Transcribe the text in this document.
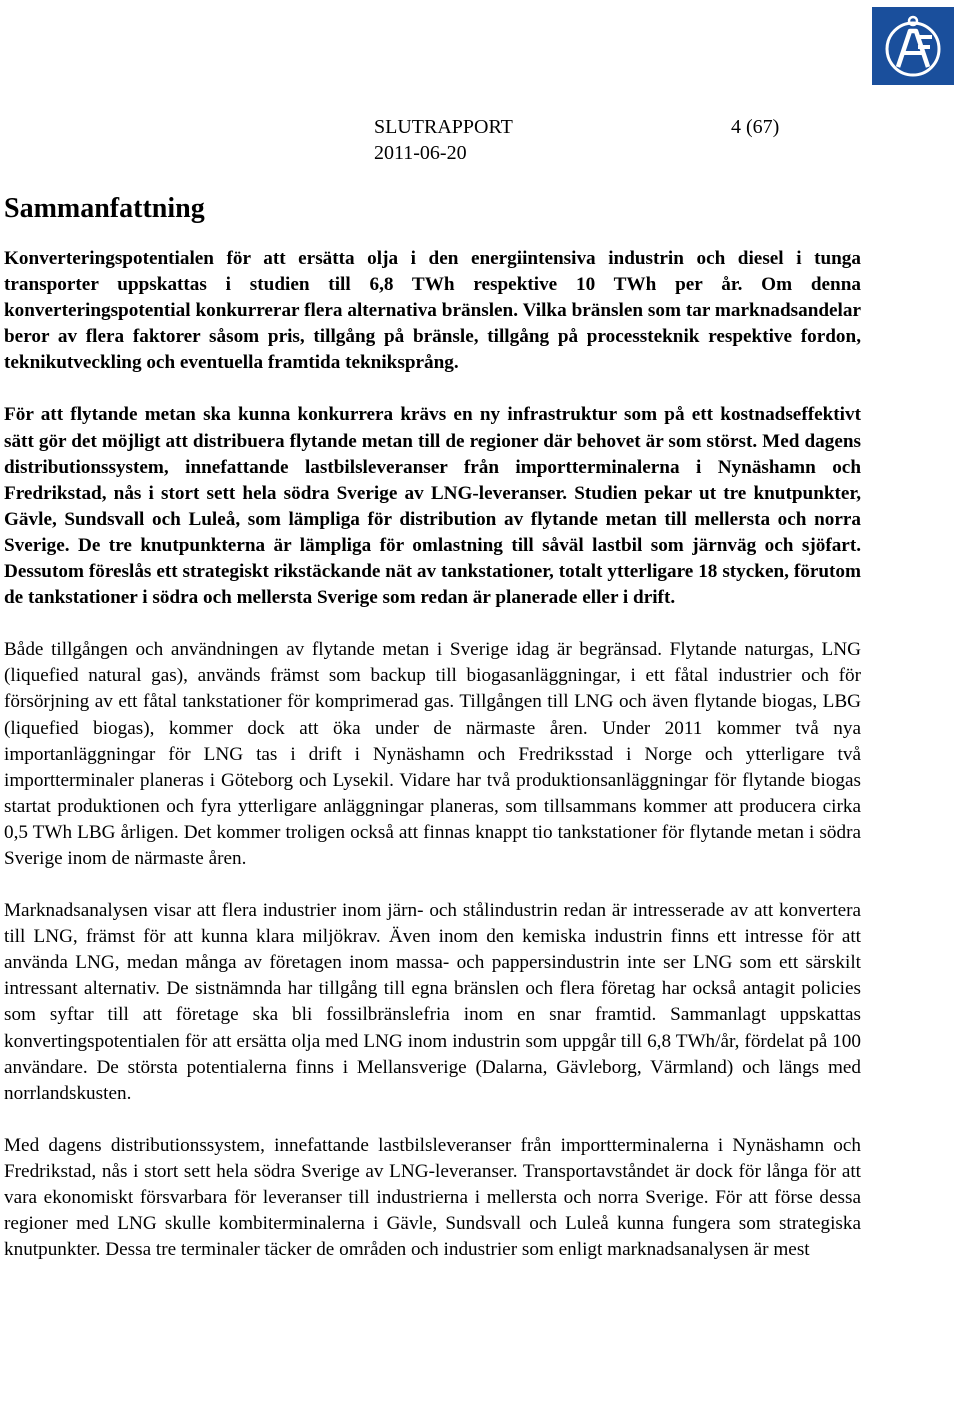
SLUTRAPPORT	4 (67)
2011-06-20
Sammanfattning

Konverteringspotentialen för att ersätta olja i den energiintensiva industrin och diesel i tunga transporter uppskattas i studien till 6,8 TWh respektive 10 TWh per år. Om denna konverteringspotential konkurrerar flera alternativa bränslen. Vilka bränslen som tar marknadsandelar beror av flera faktorer såsom pris, tillgång på bränsle, tillgång på processteknik respektive fordon, teknikutveckling och eventuella framtida tekniksprång.

För att flytande metan ska kunna konkurrera krävs en ny infrastruktur som på ett kostnadseffektivt sätt gör det möjligt att distribuera flytande metan till de regioner där behovet är som störst. Med dagens distributionssystem, innefattande lastbilsleveranser från importterminalerna i Nynäshamn och Fredrikstad, nås i stort sett hela södra Sverige av LNG-leveranser. Studien pekar ut tre knutpunkter, Gävle, Sundsvall och Luleå, som lämpliga för distribution av flytande metan till mellersta och norra Sverige. De tre knutpunkterna är lämpliga för omlastning till såväl lastbil som järnväg och sjöfart. Dessutom föreslås ett strategiskt rikstäckande nät av tankstationer, totalt ytterligare 18 stycken, förutom de tankstationer i södra och mellersta Sverige som redan är planerade eller i drift.

Både tillgången och användningen av flytande metan i Sverige idag är begränsad. Flytande naturgas, LNG (liquefied natural gas), används främst som backup till biogasanläggningar, i ett fåtal industrier och för försörjning av ett fåtal tankstationer för komprimerad gas. Tillgången till LNG och även flytande biogas, LBG (liquefied biogas), kommer dock att öka under de närmaste åren. Under 2011 kommer två nya importanläggningar för LNG tas i drift i Nynäshamn och Fredriksstad i Norge och ytterligare två importterminaler planeras i Göteborg och Lysekil. Vidare har två produktionsanläggningar för flytande biogas startat produktionen och fyra ytterligare anläggningar planeras, som tillsammans kommer att producera cirka 0,5 TWh LBG årligen. Det kommer troligen också att finnas knappt tio tankstationer för flytande metan i södra Sverige inom de närmaste åren.

Marknadsanalysen visar att flera industrier inom järn- och stålindustrin redan är intresserade av att konvertera till LNG, främst för att kunna klara miljökrav. Även inom den kemiska industrin finns ett intresse för att använda LNG, medan många av företagen inom massa- och pappersindustrin inte ser LNG som ett särskilt intressant alternativ. De sistnämnda har tillgång till egna bränslen och flera företag har också antagit policies som syftar till att företage ska bli fossilbränslefria inom en snar framtid. Sammanlagt uppskattas konvertingspotentialen för att ersätta olja med LNG inom industrin som uppgår till 6,8 TWh/år, fördelat på 100 användare. De största potentialerna finns i Mellansverige (Dalarna, Gävleborg, Värmland) och längs med norrlandskusten.

Med dagens distributionssystem, innefattande lastbilsleveranser från importterminalerna i Nynäshamn och Fredrikstad, nås i stort sett hela södra Sverige av LNG-leveranser. Transportavståndet är dock för långa för att vara ekonomiskt försvarbara för leveranser till industrierna i mellersta och norra Sverige. För att förse dessa regioner med LNG skulle kombiterminalerna i Gävle, Sundsvall och Luleå kunna fungera som strategiska knutpunkter. Dessa tre terminaler täcker de områden och industrier som enligt marknadsanalysen är mest
